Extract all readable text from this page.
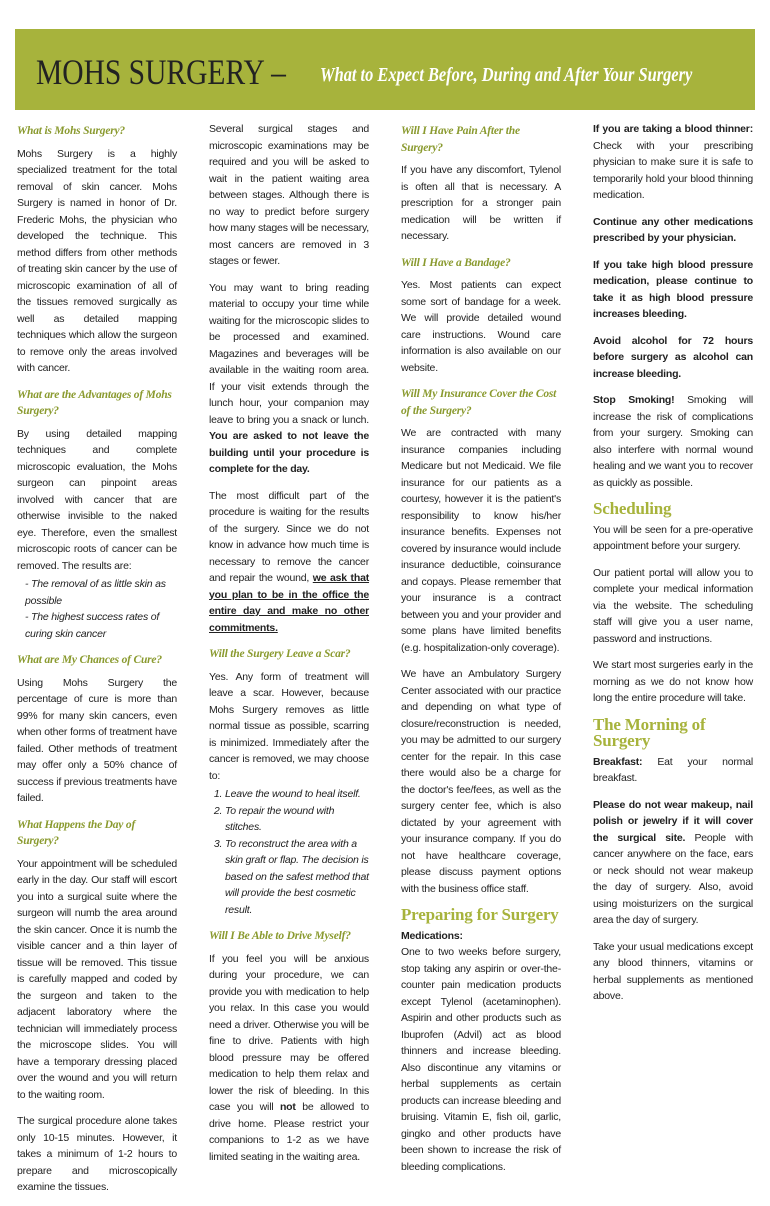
MOHS SURGERY –	What to Expect Before, During and After Your Surgery
What is Mohs Surgery?

Mohs Surgery is a highly specialized treatment for the total removal of skin cancer. Mohs Surgery is named in honor of Dr. Frederic Mohs, the physician who developed the technique. This method differs from other methods of treating skin cancer by the use of microscopic examination of all of the tissues removed surgically as well as detailed mapping techniques which allow the surgeon to remove only the areas involved with cancer.

What are the Advantages of Mohs Surgery?

By using detailed mapping techniques and complete microscopic evaluation, the Mohs surgeon can pinpoint areas involved with cancer that are otherwise invisible to the naked eye. Therefore, even the smallest microscopic roots of cancer can be removed. The results are:

- The removal of as little skin as possible
- The highest success rates of curing skin cancer
What are My Chances of Cure?

Using Mohs Surgery the percentage of cure is more than 99% for many skin cancers, even when other forms of treatment have failed. Other methods of treatment may offer only a 50% chance of success if previous treatments have failed.

What Happens the Day of Surgery?

Your appointment will be scheduled early in the day. Our staff will escort you into a surgical suite where the surgeon will numb the area around the skin cancer. Once it is numb the visible cancer and a thin layer of tissue will be removed. This tissue is carefully mapped and coded by the surgeon and taken to the adjacent laboratory where the technician will immediately process the microscope slides. You will have a temporary dressing placed over the wound and you will return to the waiting room.

The surgical procedure alone takes only 10-15 minutes. However, it takes a minimum of 1-2 hours to prepare and microscopically examine the tissues.

Several surgical stages and microscopic examinations may be required and you will be asked to wait in the patient waiting area between stages. Although there is no way to predict before surgery how many stages will be necessary, most cancers are removed in 3 stages or fewer.

You may want to bring reading material to occupy your time while waiting for the microscopic slides to be processed and examined. Magazines and beverages will be available in the waiting room area. If your visit extends through the lunch hour, your companion may leave to bring you a snack or lunch. You are asked to not leave the building until your procedure is complete for the day.

The most difficult part of the procedure is waiting for the results of the surgery. Since we do not know in advance how much time is necessary to remove the cancer and repair the wound, we ask that you plan to be in the office the entire day and make no other commitments.

Will the Surgery Leave a Scar?

Yes. Any form of treatment will leave a scar. However, because Mohs Surgery removes as little normal tissue as possible, scarring is minimized. Immediately after the cancer is removed, we may choose to:

1. Leave the wound to heal itself.
2. To repair the wound with stitches.
3. To reconstruct the area with a skin graft or flap. The decision is based on the safest method that will provide the best cosmetic result.
Will I Be Able to Drive Myself?

If you feel you will be anxious during your procedure, we can provide you with medication to help you relax. In this case you would need a driver. Otherwise you will be fine to drive. Patients with high blood pressure may be offered medication to help them relax and lower the risk of bleeding. In this case you will not be allowed to drive home. Please restrict your companions to 1-2 as we have limited seating in the waiting area.

Will I Have Pain After the Surgery?

If you have any discomfort, Tylenol is often all that is necessary. A prescription for a stronger pain medication will be written if necessary.

Will I Have a Bandage?

Yes. Most patients can expect some sort of bandage for a week. We will provide detailed wound care instructions. Wound care information is also available on our website.

Will My Insurance Cover the Cost of the Surgery?

We are contracted with many insurance companies including Medicare but not Medicaid. We file insurance for our patients as a courtesy, however it is the patient's responsibility to know his/her insurance benefits. Expenses not covered by insurance would include insurance deductible, coinsurance and copays. Please remember that your insurance is a contract between you and your provider and some plans have limited benefits (e.g. hospitalization-only coverage).

We have an Ambulatory Surgery Center associated with our practice and depending on what type of closure/reconstruction is needed, you may be admitted to our surgery center for the repair. In this case there would also be a charge for the doctor's fee/fees, as well as the surgery center fee, which is also dictated by your agreement with your insurance company. If you do not have healthcare coverage, please discuss payment options with the business office staff.

Preparing for Surgery
Medications:

One to two weeks before surgery, stop taking any aspirin or over-the-counter pain medication products except Tylenol (acetaminophen). Aspirin and other products such as Ibuprofen (Advil) act as blood thinners and increase bleeding. Also discontinue any vitamins or herbal supplements as certain products can increase bleeding and bruising. Vitamin E, fish oil, garlic, gingko and other products have been shown to increase the risk of bleeding complications.

If you are taking a blood thinner: Check with your prescribing physician to make sure it is safe to temporarily hold your blood thinning medication.

Continue any other medications prescribed by your physician.

If you take high blood pressure medication, please continue to take it as high blood pressure increases bleeding.

Avoid alcohol for 72 hours before surgery as alcohol can increase bleeding.

Stop Smoking! Smoking will increase the risk of complications from your surgery. Smoking can also interfere with normal wound healing and we want you to recover as quickly as possible.

Scheduling

You will be seen for a pre-operative appointment before your surgery.

Our patient portal will allow you to complete your medical information via the website. The scheduling staff will give you a user name, password and instructions.

We start most surgeries early in the morning as we do not know how long the entire procedure will take.

The Morning of Surgery

Breakfast: Eat your normal breakfast.

Please do not wear makeup, nail polish or jewelry if it will cover the surgical site. People with cancer anywhere on the face, ears or neck should not wear makeup the day of surgery. Also, avoid using moisturizers on the surgical area the day of surgery.

Take your usual medications except any blood thinners, vitamins or herbal supplements as mentioned above.
